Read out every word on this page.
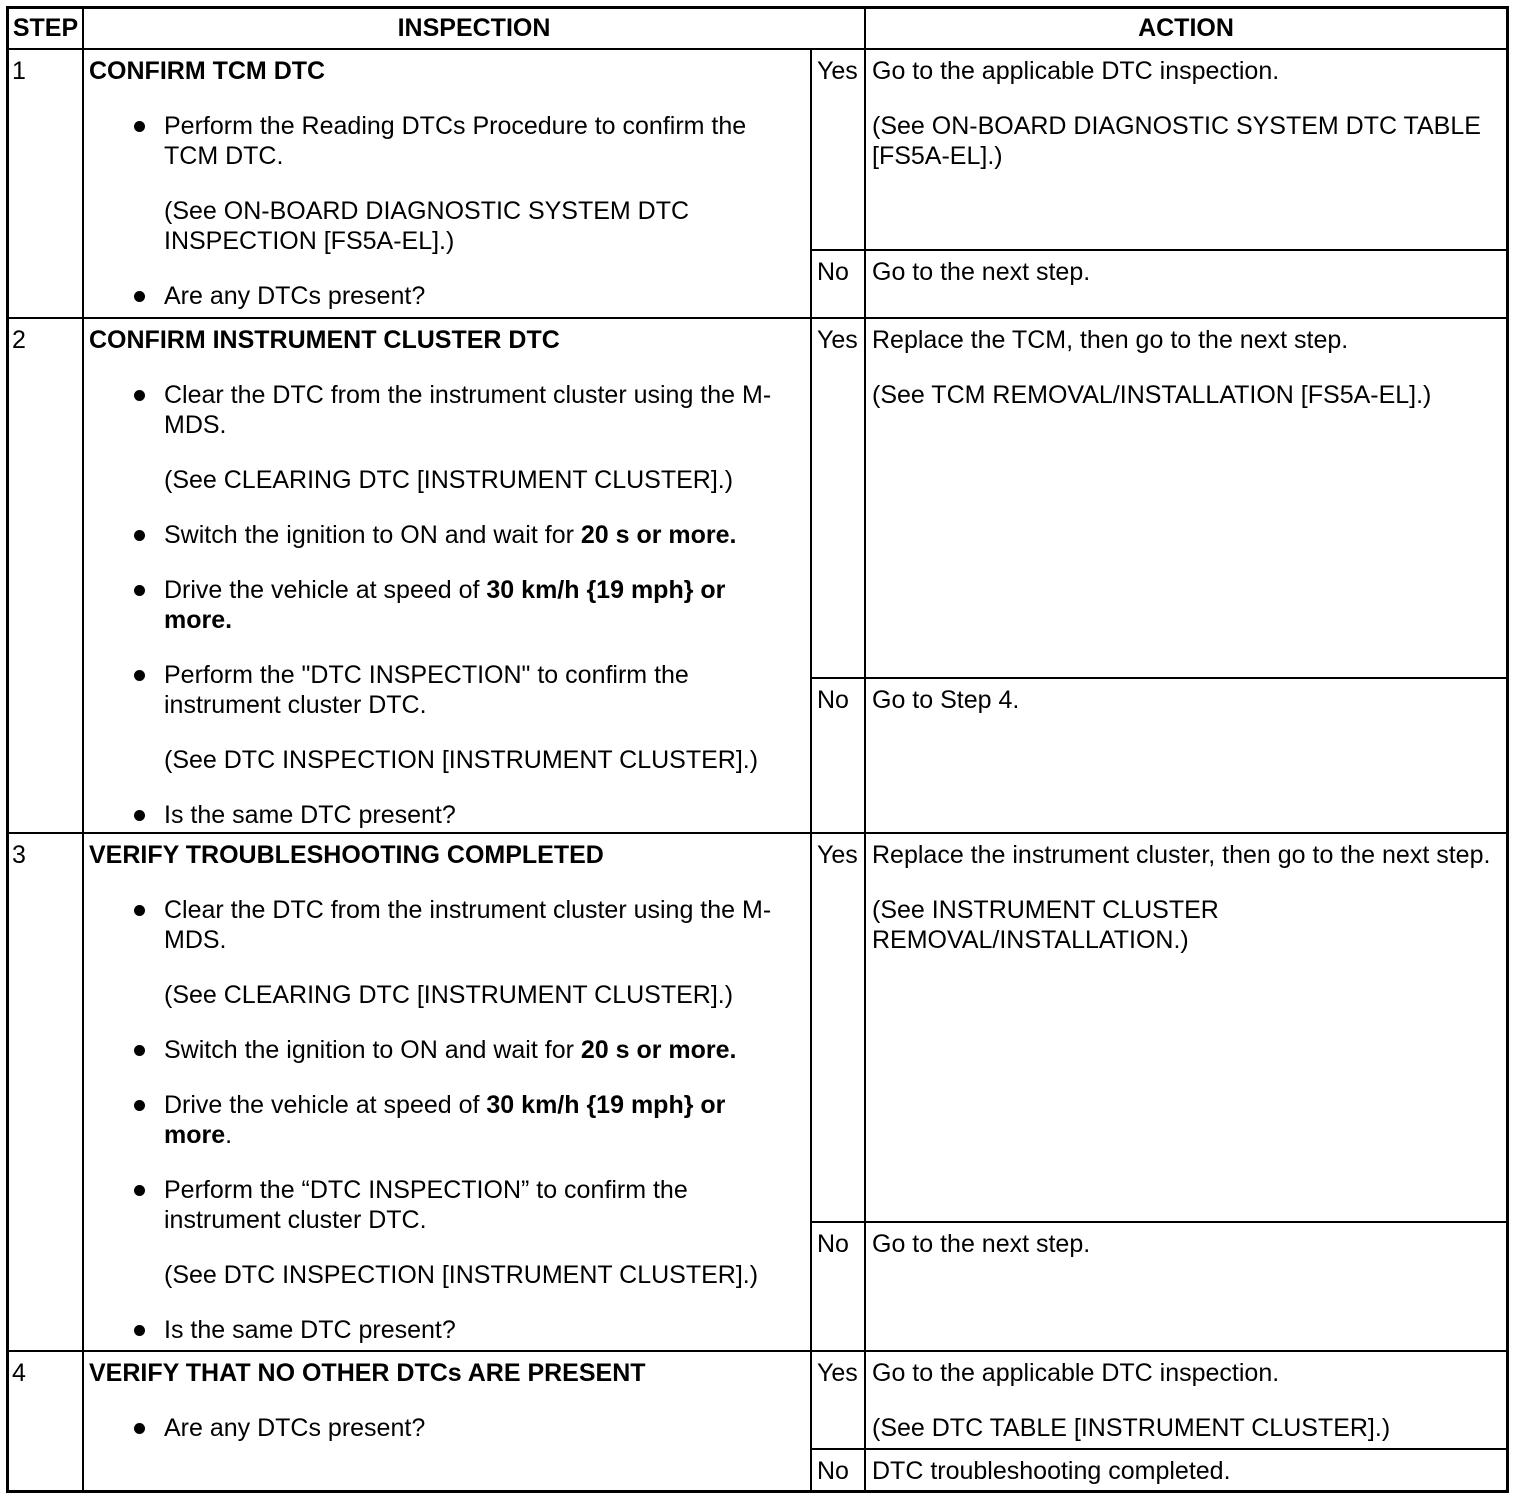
STEP	INSPECTION	ACTION
1	CONFIRM TCM DTC
Perform the Reading DTCs Procedure to confirm the TCM DTC.
(See ON-BOARD DIAGNOSTIC SYSTEM DTC INSPECTION [FS5A-EL].)
Are any DTCs present?
Yes Go to the applicable DTC inspection.
(See ON-BOARD DIAGNOSTIC SYSTEM DTC TABLE [FS5A-EL].)
No Go to the next step.
2	CONFIRM INSTRUMENT CLUSTER DTC
Clear the DTC from the instrument cluster using the M-MDS.
(See CLEARING DTC [INSTRUMENT CLUSTER].)
Switch the ignition to ON and wait for 20 s or more.
Drive the vehicle at speed of 30 km/h {19 mph} or more.
Perform the "DTC INSPECTION" to confirm the instrument cluster DTC.
(See DTC INSPECTION [INSTRUMENT CLUSTER].)
Is the same DTC present?
Yes Replace the TCM, then go to the next step.
(See TCM REMOVAL/INSTALLATION [FS5A-EL].)
No Go to Step 4.
3	VERIFY TROUBLESHOOTING COMPLETED
Clear the DTC from the instrument cluster using the M-MDS.
(See CLEARING DTC [INSTRUMENT CLUSTER].)
Switch the ignition to ON and wait for 20 s or more.
Drive the vehicle at speed of 30 km/h {19 mph} or more.
Perform the “DTC INSPECTION” to confirm the instrument cluster DTC.
(See DTC INSPECTION [INSTRUMENT CLUSTER].)
Is the same DTC present?
Yes Replace the instrument cluster, then go to the next step.
(See INSTRUMENT CLUSTER REMOVAL/INSTALLATION.)
No Go to the next step.
4	VERIFY THAT NO OTHER DTCs ARE PRESENT
Are any DTCs present?
Yes Go to the applicable DTC inspection.
(See DTC TABLE [INSTRUMENT CLUSTER].)
No DTC troubleshooting completed.
